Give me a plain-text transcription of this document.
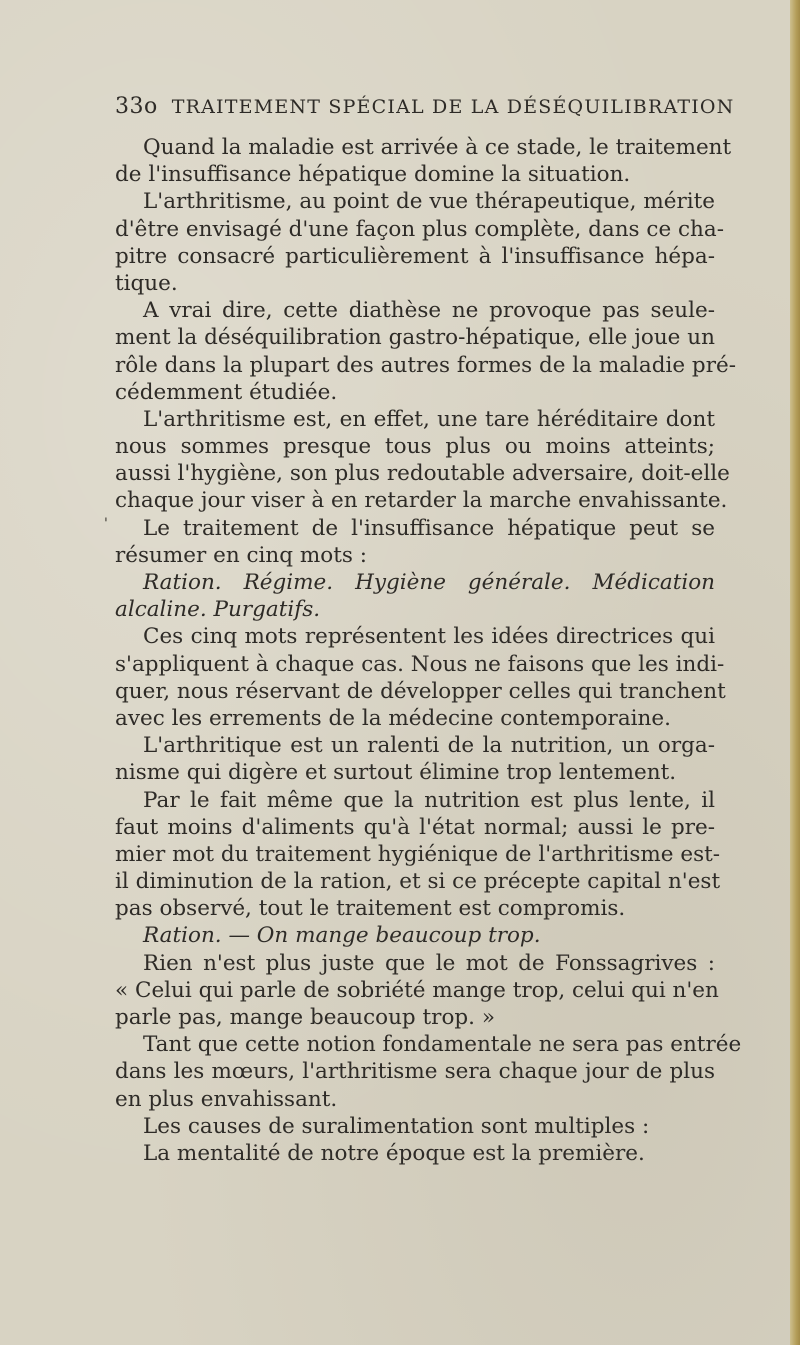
33o TRAITEMENT SPÉCIAL DE LA DÉSÉQUILIBRATION
'
Quand la maladie est arrivée à ce stade, le traitement
de l'insuffisance hépatique domine la situation.
L'arthritisme, au point de vue thérapeutique, mérite
d'être envisagé d'une façon plus complète, dans ce cha-
pitre consacré particulièrement à l'insuffisance hépa-
tique.
A vrai dire, cette diathèse ne provoque pas seule-
ment la déséquilibration gastro-hépatique, elle joue un
rôle dans la plupart des autres formes de la maladie pré-
cédemment étudiée.
L'arthritisme est, en effet, une tare héréditaire dont
nous sommes presque tous plus ou moins atteints;
aussi l'hygiène, son plus redoutable adversaire, doit-elle
chaque jour viser à en retarder la marche envahissante.
Le traitement de l'insuffisance hépatique peut se
résumer en cinq mots :
Ration. Régime. Hygiène générale. Médication
alcaline. Purgatifs.
Ces cinq mots représentent les idées directrices qui
s'appliquent à chaque cas. Nous ne faisons que les indi-
quer, nous réservant de développer celles qui tranchent
avec les errements de la médecine contemporaine.
L'arthritique est un ralenti de la nutrition, un orga-
nisme qui digère et surtout élimine trop lentement.
Par le fait même que la nutrition est plus lente, il
faut moins d'aliments qu'à l'état normal; aussi le pre-
mier mot du traitement hygiénique de l'arthritisme est-
il diminution de la ration, et si ce précepte capital n'est
pas observé, tout le traitement est compromis.
Ration. — On mange beaucoup trop.
Rien n'est plus juste que le mot de Fonssagrives :
« Celui qui parle de sobriété mange trop, celui qui n'en
parle pas, mange beaucoup trop. »
Tant que cette notion fondamentale ne sera pas entrée
dans les mœurs, l'arthritisme sera chaque jour de plus
en plus envahissant.
Les causes de suralimentation sont multiples :
La mentalité de notre époque est la première.
